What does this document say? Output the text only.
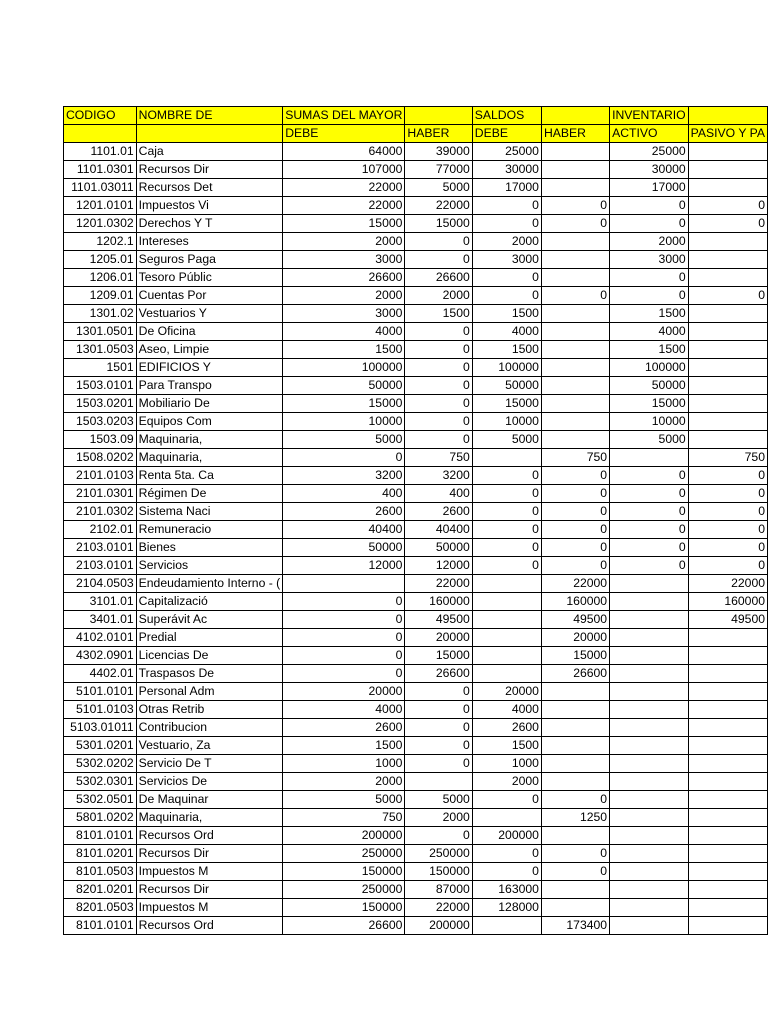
CODIGO	NOMBRE DE	SUMAS DEL MAYOR		SALDOS		INVENTARIO	
		DEBE	HABER	DEBE	HABER	ACTIVO	PASIVO Y PA
1101.01	Caja	64000	39000	25000		25000	
1101.0301	Recursos Dir	107000	77000	30000		30000	
1101.03011	Recursos Det	22000	5000	17000		17000	
1201.0101	Impuestos Vi	22000	22000	0	0	0	0
1201.0302	Derechos Y T	15000	15000	0	0	0	0
1202.1	Intereses	2000	0	2000		2000	
1205.01	Seguros Paga	3000	0	3000		3000	
1206.01	Tesoro Públic	26600	26600	0		0	
1209.01	Cuentas Por	2000	2000	0	0	0	0
1301.02	Vestuarios Y	3000	1500	1500		1500	
1301.0501	De Oficina	4000	0	4000		4000	
1301.0503	Aseo, Limpie	1500	0	1500		1500	
1501	EDIFICIOS Y	100000	0	100000		100000	
1503.0101	Para Transpo	50000	0	50000		50000	
1503.0201	Mobiliario De	15000	0	15000		15000	
1503.0203	Equipos Com	10000	0	10000		10000	
1503.09	Maquinaria,	5000	0	5000		5000	
1508.0202	Maquinaria,	0	750		750		750
2101.0103	Renta 5ta. Ca	3200	3200	0	0	0	0
2101.0301	Régimen De	400	400	0	0	0	0
2101.0302	Sistema Naci	2600	2600	0	0	0	0
2102.01	Remuneracio	40400	40400	0	0	0	0
2103.0101	Bienes	50000	50000	0	0	0	0
2103.0101	Servicios	12000	12000	0	0	0	0
2104.0503	Endeudamiento Interno - (		22000		22000		22000
3101.01	Capitalizació	0	160000		160000		160000
3401.01	Superávit Ac	0	49500		49500		49500
4102.0101	Predial	0	20000		20000		
4302.0901	Licencias De	0	15000		15000		
4402.01	Traspasos De	0	26600		26600		
5101.0101	Personal Adm	20000	0	20000			
5101.0103	Otras Retrib	4000	0	4000			
5103.01011	Contribucion	2600	0	2600			
5301.0201	Vestuario, Za	1500	0	1500			
5302.0202	Servicio De T	1000	0	1000			
5302.0301	Servicios De	2000		2000			
5302.0501	De Maquinar	5000	5000	0	0		
5801.0202	Maquinaria,	750	2000		1250		
8101.0101	Recursos Ord	200000	0	200000			
8101.0201	Recursos Dir	250000	250000	0	0		
8101.0503	Impuestos M	150000	150000	0	0		
8201.0201	Recursos Dir	250000	87000	163000			
8201.0503	Impuestos M	150000	22000	128000			
8101.0101	Recursos Ord	26600	200000		173400		
